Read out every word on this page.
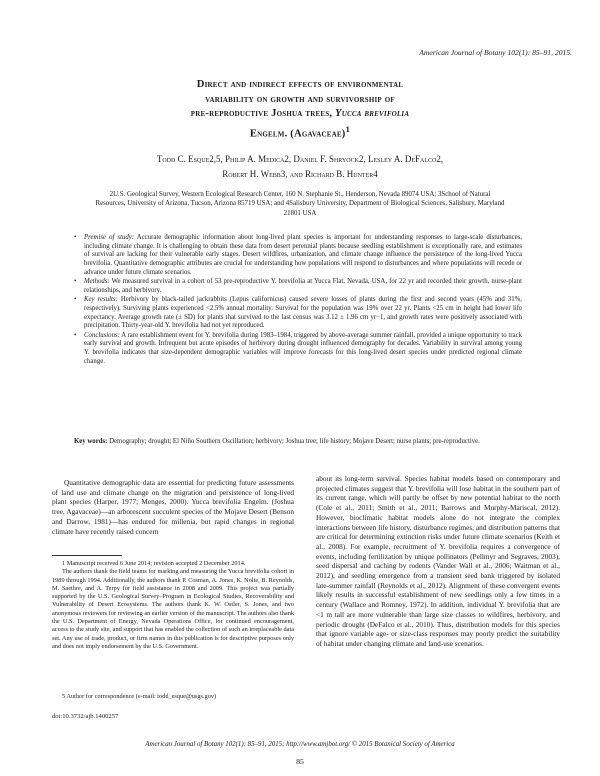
American Journal of Botany 102(1): 85–91, 2015.
Direct and indirect effects of environmental
variability on growth and survivorship of
pre-reproductive Joshua trees, Yucca brevifolia
Engelm. (Agavaceae)$^1$
Todd C. Esque2,5, Philip A. Medica2, Daniel F. Shryock2, Lesley A. DeFalco2,
Robert H. Webb3, and Richard B. Hunter4
2U.S. Geological Survey, Western Ecological Research Center, 160 N. Stephanie St., Henderson, Nevada 89074 USA; 3School of Natural Resources, University of Arizona, Tucson, Arizona 85719 USA; and 4Salisbury University, Department of Biological Sciences, Salisbury, Maryland 21801 USA
• Premise of study: Accurate demographic information about long-lived plant species is important for understanding responses to large-scale disturbances, including climate change. It is challenging to obtain these data from desert perennial plants because seedling establishment is exceptionally rare, and estimates of survival are lacking for their vulnerable early stages. Desert wildfires, urbanization, and climate change influence the persistence of the long-lived Yucca brevifolia. Quantitative demographic attributes are crucial for understanding how populations will respond to disturbances and where populations will recede or advance under future climate scenarios.
• Methods: We measured survival in a cohort of 53 pre-reproductive Y. brevifolia at Yucca Flat, Nevada, USA, for 22 yr and recorded their growth, nurse-plant relationships, and herbivory.
• Key results: Herbivory by black-tailed jackrabbits (Lepus californicus) caused severe losses of plants during the first and second years (45% and 31%, respectively). Surviving plants experienced <2.5% annual mortality. Survival for the population was 19% over 22 yr. Plants <25 cm in height had lower life expectancy. Average growth rate (± SD) for plants that survived to the last census was 3.12 ± 1.96 cm yr−1, and growth rates were positively associated with precipitation. Thirty-year-old Y. brevifolia had not yet reproduced.
• Conclusions: A rare establishment event for Y. brevifolia during 1983–1984, triggered by above-average summer rainfall, provided a unique opportunity to track early survival and growth. Infrequent but acute episodes of herbivory during drought influenced demography for decades. Variability in survival among young Y. brevifolia indicates that size-dependent demographic variables will improve forecasts for this long-lived desert species under predicted regional climate change.
Key words: Demography; drought; El Niño Southern Oscillation; herbivory; Joshua tree; life history; Mojave Desert; nurse plants; pre-reproductive.
Quantitative demographic data are essential for predicting future assessments of land use and climate change on the migration and persistence of long-lived plant species (Harper, 1977; Menges, 2000). Yucca brevifolia Engelm. (Joshua tree, Agavaceae)—an arborescent succulent species of the Mojave Desert (Benson and Darrow, 1981)—has endured for millenia, but rapid changes in regional climate have recently raised concern
about its long-term survival. Species habitat models based on contemporary and projected climates suggest that Y. brevifolia will lose habitat in the southern part of its current range, which will partly be offset by new potential habitat to the north (Cole et al., 2011; Smith et al., 2011; Barrows and Murphy-Mariscal, 2012). However, bioclimatic habitat models alone do not integrate the complex interactions between life history, disturbance regimes, and distribution patterns that are critical for determining extinction risks under future climate scenarios (Keith et al., 2008). For example, recruitment of Y. brevifolia requires a convergence of events, including fertilization by unique pollinators (Pellmyr and Segraves, 2003), seed dispersal and caching by rodents (Vander Wall et al., 2006; Waitman et al., 2012), and seedling emergence from a transient seed bank triggered by isolated late-summer rainfall (Reynolds et al., 2012). Alignment of these convergent events likely results in successful establishment of new seedlings only a few times in a century (Wallace and Romney, 1972). In addition, individual Y. brevifolia that are <1 m tall are more vulnerable than large size classes to wildfires, herbivory, and periodic drought (DeFalco et al., 2010). Thus, distribution models for this species that ignore variable age- or size-class responses may poorly predict the suitability of habitat under changing climate and land-use scenarios.
1 Manuscript received 6 June 2014; revision accepted 2 December 2014.
The authors thank the field teams for marking and measuring the Yucca brevifolia cohort in 1989 through 1994. Additionally, the authors thank P. Cosman, A. Jones, K. Nolte, B. Reynolds, M. Saethre, and A. Terpy for field assistance in 2008 and 2009. This project was partially supported by the U.S. Geological Survey–Program in Ecological Studies, Recoverability and Vulnerability of Desert Ecosystems. The authors thank K. W. Ostler, S. Jones, and two anonymous reviewers for reviewing an earlier version of the manuscript. The authors also thank the U.S. Department of Energy, Nevada Operations Office, for continued encouragement, access to the study site, and support that has enabled the collection of such an irreplaceable data set. Any use of trade, product, or firm names in this publication is for descriptive purposes only and does not imply endorsement by the U.S. Government.
5 Author for correspondence (e-mail: todd_esque@usgs.gov)
doi:10.3732/ajb.1400257
American Journal of Botany 102(1): 85–91, 2015; http://www.amjbot.org/ © 2015 Botanical Society of America
85
